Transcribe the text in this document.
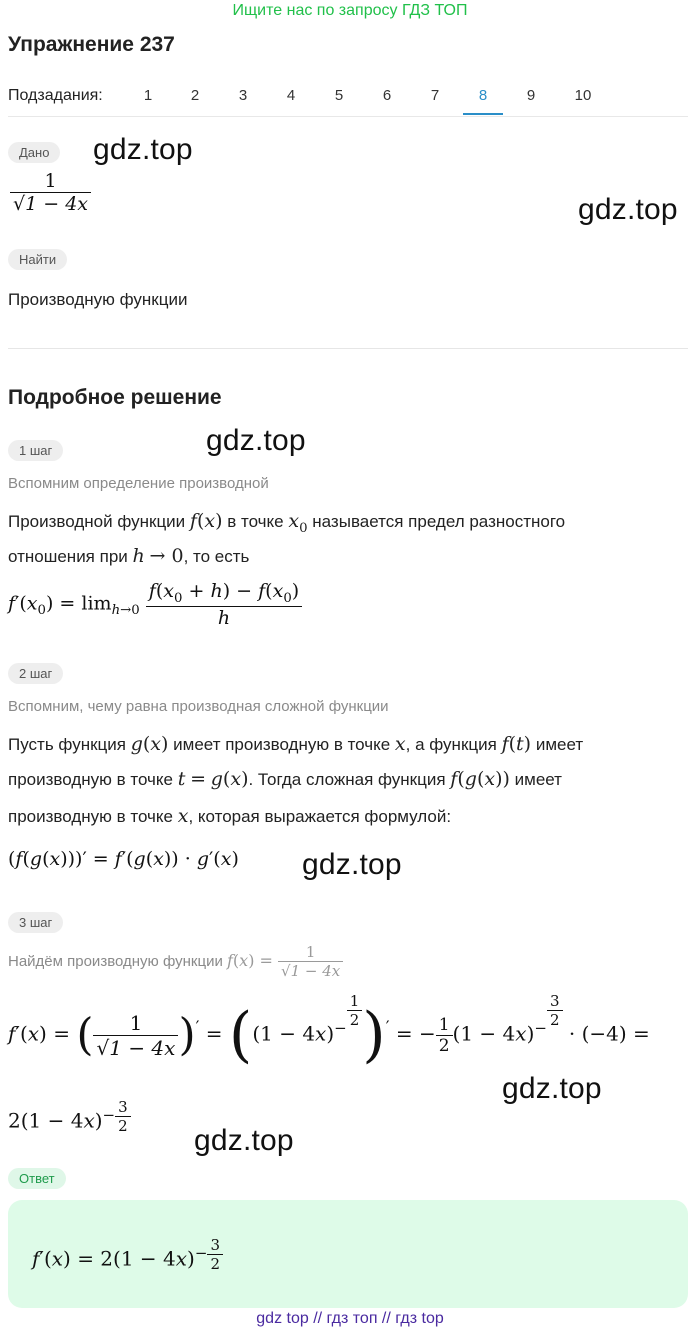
Ищите нас по запросу ГДЗ ТОП
Упражнение 237
Подзадания:	1	2	3	4	5	6	7	8	9	10
Дано	gdz.top
$\frac{1}{√1 - 4x}$	gdz.top
Найти
Производную функции
Подробное решение
1 шаг	gdz.top
Вспомним определение производной
Производной функции f(x) в точке $x_0$ называется предел разностного
отношения при h → 0, то есть
$f'(x_0) = \lim_{h\to 0} \frac{f(x_0 + h) - f(x_0)}{h}$
2 шаг
Вспомним, чему равна производная сложной функции
Пусть функция g(x) имеет производную в точке x, а функция f(t) имеет
производную в точке t = g(x). Тогда сложная функция f(g(x)) имеет
производную в точке x, которая выражается формулой:
(f(g(x)))′ = f′(g(x)) · g′(x) gdz.top
3 шаг
Найдём производную функции $f(x) = \frac{1}{√1 - 4x}$
f′(x) = ( $\frac{1}{√1 - 4x} )' = ((1 - 4x)^{- \frac{1}{2}}$ )′ = − $\frac{1}{2} (1 - 4x)^{- \frac{3}{2}}$
· (−4) =
$2(1 - 4x)^{- \frac{3}{2}}$
gdz.top
gdz.top
Ответ
$f'(x) = 2(1 - 4x)^{- \frac{3}{2}}$
gdz top // гдз топ // гдз top
